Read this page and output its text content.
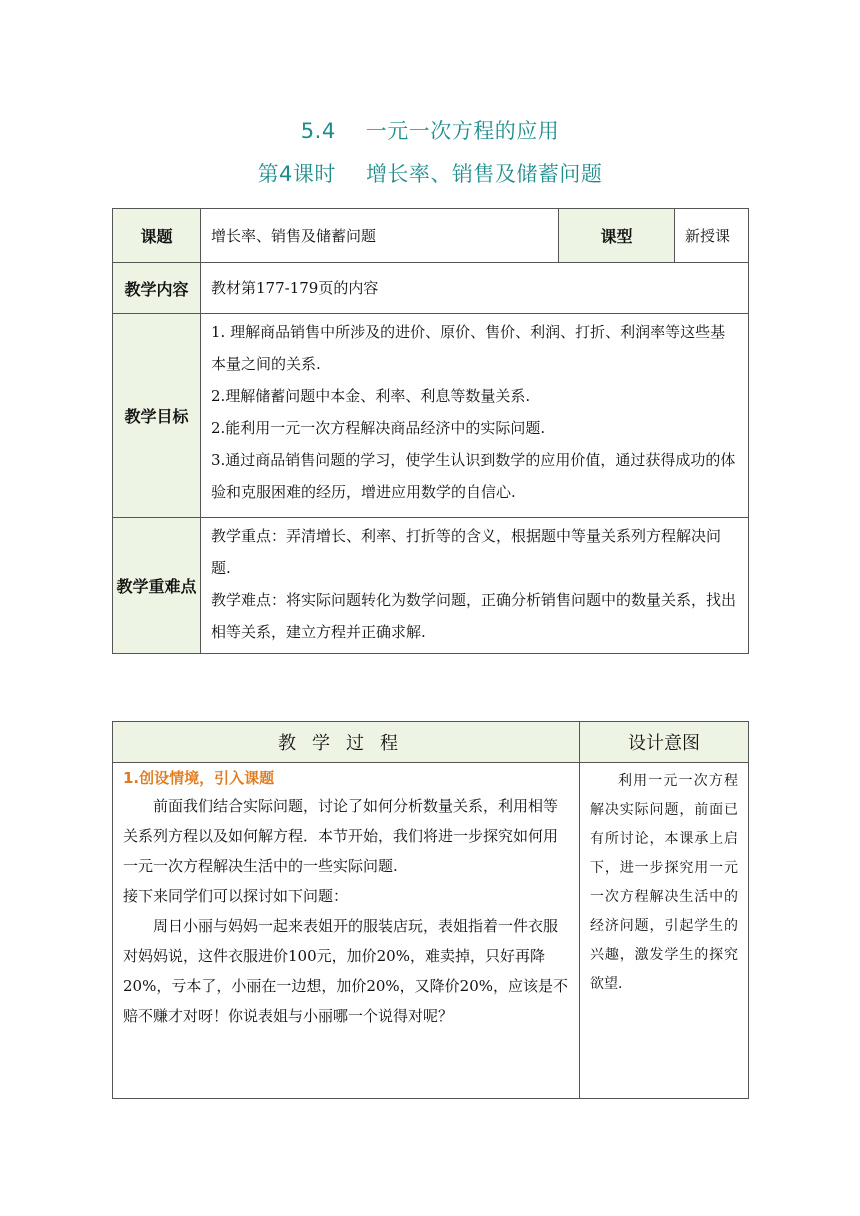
5.4 一元一次方程的应用
第4课时 增长率、销售及储蓄问题
课题	增长率、销售及储蓄问题	课型	新授课
教学内容	教材第177-179页的内容		
教学目标	1. 理解商品销售中所涉及的进价、原价、售价、利润、打折、利润率等这些基本量之间的关系.

2.理解储蓄问题中本金、利率、利息等数量关系.

2.能利用一元一次方程解决商品经济中的实际问题.

3.通过商品销售问题的学习，使学生认识到数学的应用价值，通过获得成功的体验和克服困难的经历，增进应用数学的自信心.		

教学重难点	教学重点：弄清增长、利率、打折等的含义，根据题中等量关系列方程解决问题.

教学难点：将实际问题转化为数学问题，正确分析销售问题中的数量关系，找出相等关系，建立方程并正确求解.		

教学过程	设计意图

1.创设情境，引入课题

前面我们结合实际问题，讨论了如何分析数量关系，利用相等关系列方程以及如何解方程．本节开始，我们将进一步探究如何用一元一次方程解决生活中的一些实际问题.

接下来同学们可以探讨如下问题：

周日小丽与妈妈一起来表姐开的服装店玩，表姐指着一件衣服对妈妈说，这件衣服进价100元，加价20%，难卖掉，只好再降20%，亏本了，小丽在一边想，加价20%，又降价20%，应该是不赔不赚才对呀！你说表姐与小丽哪一个说得对呢？	利用一元一次方程解决实际问题，前面已有所讨论，本课承上启下，进一步探究用一元一次方程解决生活中的经济问题，引起学生的兴趣，激发学生的探究欲望.
